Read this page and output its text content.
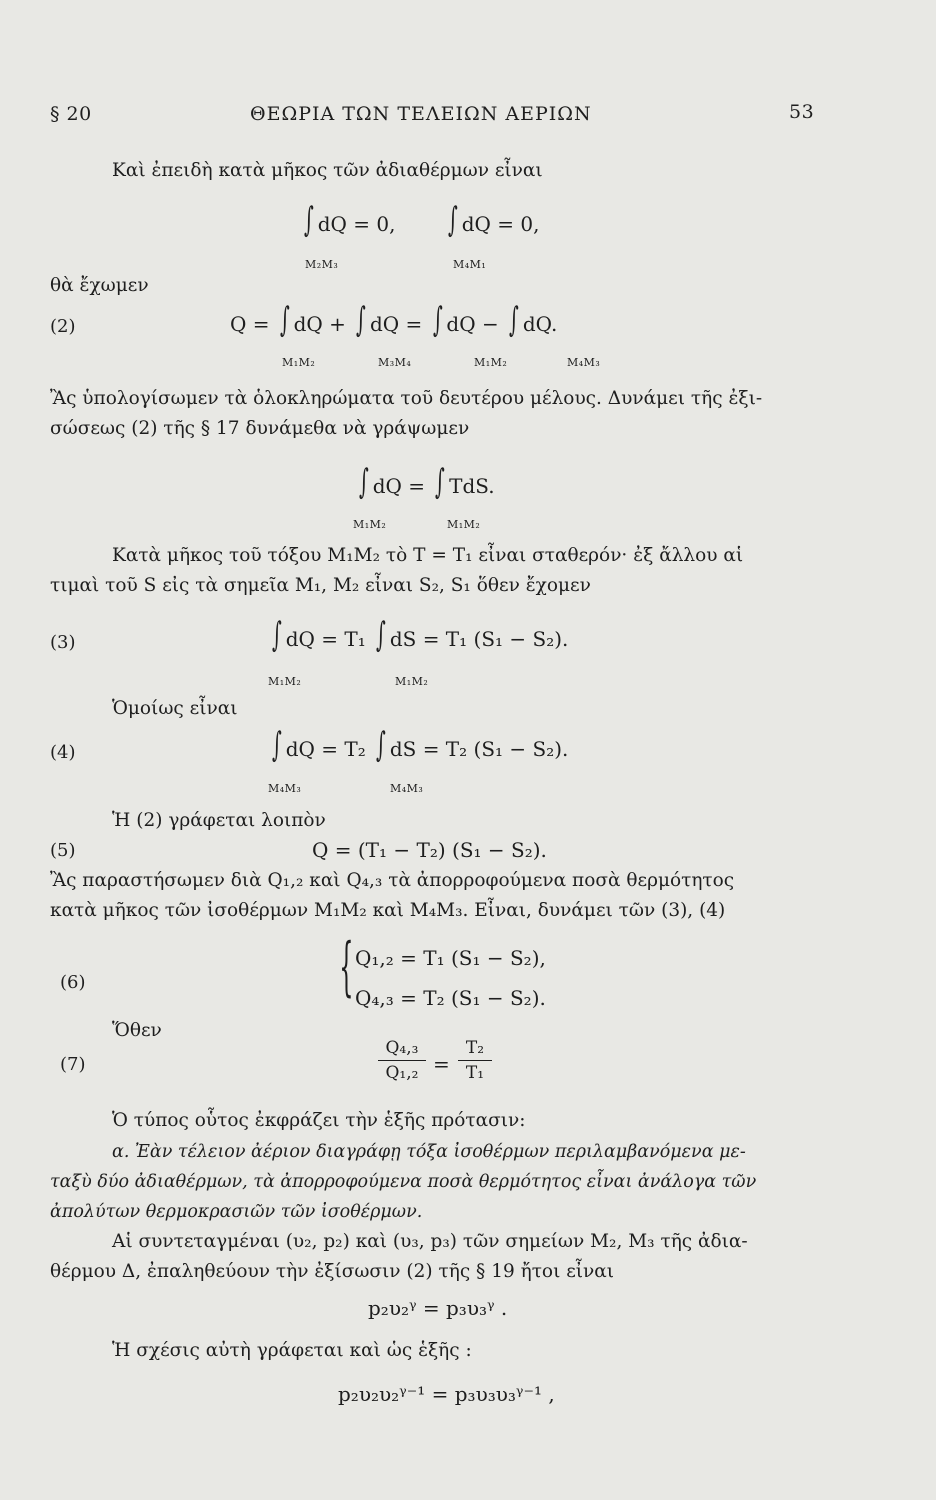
§ 20	ΘΕΩΡΙΑ ΤΩΝ ΤΕΛΕΙΩΝ ΑΕΡΙΩΝ	53
Καὶ ἐπειδὴ κατὰ μῆκος τῶν ἀδιαθέρμων εἶναι
∫ dQ = 0,
M₂M₃
∫ dQ = 0,
M₄M₁
θὰ ἔχωμεν
(2)	Q = ∫ dQ + ∫ dQ = ∫ dQ − ∫ dQ.
M₁M₂	M₃M₄	M₁M₂	M₄M₃
Ἂς ὑπολογίσωμεν τὰ ὁλοκληρώματα τοῦ δευτέρου μέλους. Δυνάμει τῆς ἐξι-
σώσεως (2) τῆς § 17 δυνάμεθα νὰ γράψωμεν
∫ dQ = ∫ TdS.
M₁M₂	M₁M₂
Κατὰ μῆκος τοῦ τόξου M₁M₂ τὸ T = T₁ εἶναι σταθερόν· ἐξ ἄλλου αἱ
τιμαὶ τοῦ S εἰς τὰ σημεῖα M₁, M₂ εἶναι S₂, S₁ ὅθεν ἔχομεν
(3)	∫ dQ = T₁ ∫ dS = T₁ (S₁ − S₂).
M₁M₂	M₁M₂
Ὁμοίως εἶναι
(4)	∫ dQ = T₂ ∫ dS = T₂ (S₁ − S₂).
M₄M₃	M₄M₃
Ἡ (2) γράφεται λοιπὸν
(5)	Q = (T₁ − T₂) (S₁ − S₂).
Ἂς παραστήσωμεν διὰ Q₁,₂ καὶ Q₄,₃ τὰ ἀπορροφούμενα ποσὰ θερμότητος
κατὰ μῆκος τῶν ἰσοθέρμων M₁M₂ καὶ M₄M₃. Εἶναι, δυνάμει τῶν (3), (4)
(6)	{ Q₁,₂ = T₁ (S₁ − S₂),
Q₄,₃ = T₂ (S₁ − S₂).
Ὅθεν
(7)
Q₄,₃
Q₁,₂ =
T₂
T₁
Ὁ τύπος οὗτος ἐκφράζει τὴν ἑξῆς πρότασιν:
α. Ἐὰν τέλειον ἀέριον διαγράφῃ τόξα ἰσοθέρμων περιλαμβανόμενα με-
ταξὺ δύο ἀδιαθέρμων, τὰ ἀπορροφούμενα ποσὰ θερμότητος εἶναι ἀνάλογα τῶν
ἀπολύτων θερμοκρασιῶν τῶν ἰσοθέρμων.
Αἱ συντεταγμέναι (υ₂, p₂) καὶ (υ₃, p₃) τῶν σημείων M₂, M₃ τῆς ἀδια-
θέρμου Δ, ἐπαληθεύουν τὴν ἐξίσωσιν (2) τῆς § 19 ἤτοι εἶναι
p₂υ₂ᵞ = p₃υ₃ᵞ .
Ἡ σχέσις αὐτὴ γράφεται καὶ ὡς ἑξῆς :
p₂υ₂υ₂ᵞ⁻¹ = p₃υ₃υ₃ᵞ⁻¹ ,
